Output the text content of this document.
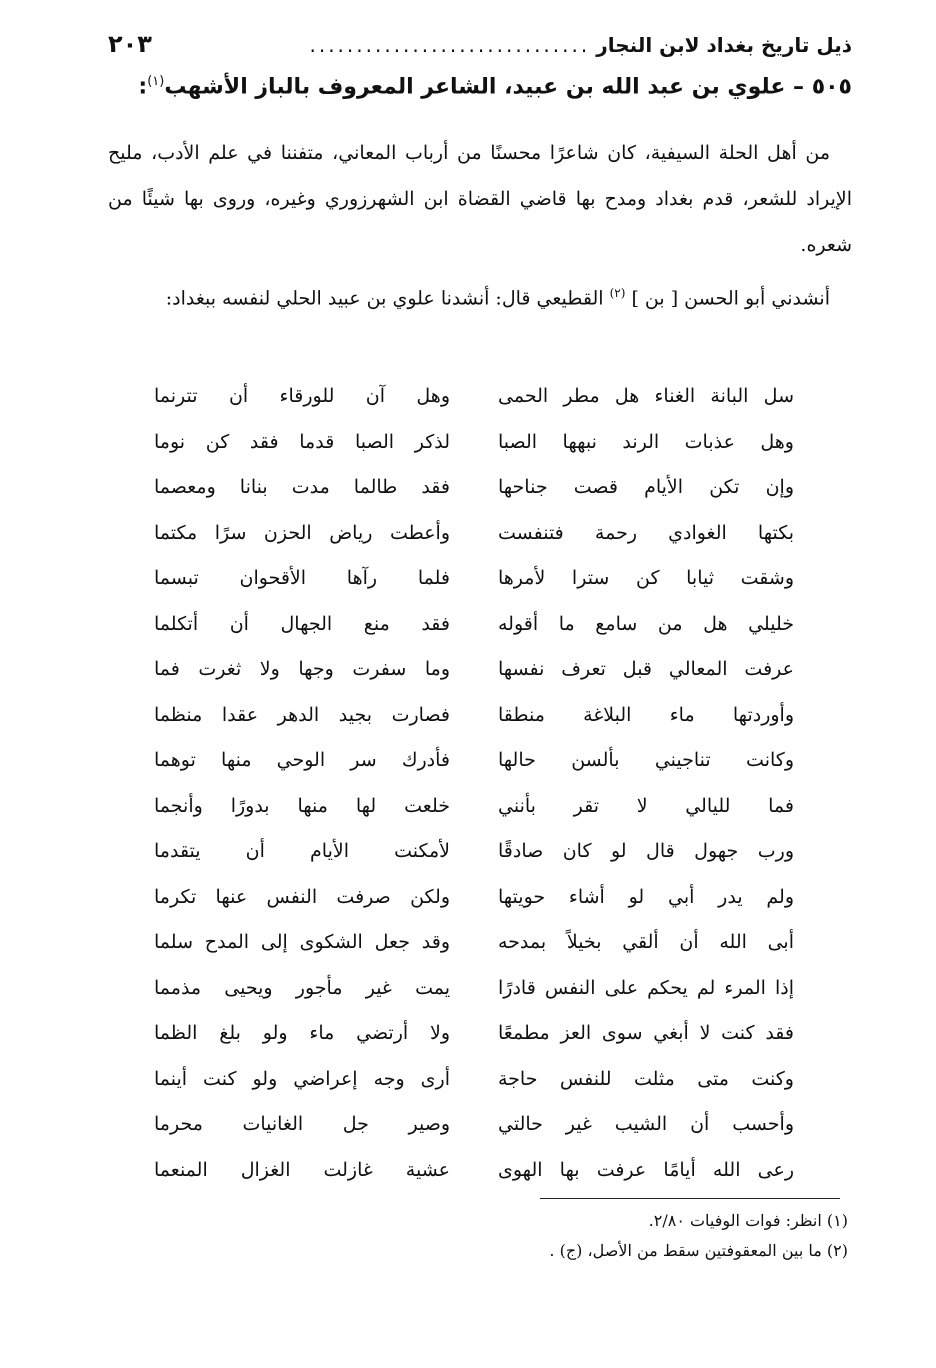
ذيل تاريخ بغداد لابن النجار
..............................
٢٠٣
٥٠٥ – علوي بن عبد الله بن عبيد، الشاعر المعروف بالباز الأشهب$^{(١)}$:
من أهل الحلة السيفية، كان شاعرًا محسنًا من أرباب المعاني، متفننا في علم الأدب، مليح الإيراد للشعر، قدم بغداد ومدح بها قاضي القضاة ابن الشهرزوري وغيره، وروى بها شيئًا من شعره.
أنشدني أبو الحسن [ بن ] $^{(٢)}$ القطيعي قال: أنشدنا علوي بن عبيد الحلي لنفسه ببغداد:
سل البانة الغناء هل مطر الحمى
وهل آن للورقاء أن تترنما
وهل عذبات الرند نبهها الصبا
لذكر الصبا قدما فقد كن نوما
وإن تكن الأيام قصت جناحها
فقد طالما مدت بنانا ومعصما
بكتها الغوادي رحمة فتنفست
وأعطت رياض الحزن سرًا مكتما
وشقت ثيابا كن سترا لأمرها
فلما رآها الأقحوان تبسما
خليلي هل من سامع ما أقوله
فقد منع الجهال أن أتكلما
عرفت المعالي قبل تعرف نفسها
وما سفرت وجها ولا ثغرت فما
وأوردتها ماء البلاغة منطقا
فصارت بجيد الدهر عقدا منظما
وكانت تناجيني بألسن حالها
فأدرك سر الوحي منها توهما
فما لليالي لا تقر بأنني
خلعت لها منها بدورًا وأنجما
ورب جهول قال لو كان صادقًا
لأمكنت الأيام أن يتقدما
ولم يدر أبي لو أشاء حويتها
ولكن صرفت النفس عنها تكرما
أبى الله أن ألقي بخيلاً بمدحه
وقد جعل الشكوى إلى المدح سلما
إذا المرء لم يحكم على النفس قادرًا
يمت غير مأجور ويحيى مذمما
فقد كنت لا أبغي سوى العز مطمعًا
ولا أرتضي ماء ولو بلغ الظما
وكنت متى مثلت للنفس حاجة
أرى وجه إعراضي ولو كنت أينما
وأحسب أن الشيب غير حالتي
وصير جل الغانيات محرما
رعى الله أيامًا عرفت بها الهوى
عشية غازلت الغزال المنعما
(١) انظر: فوات الوفيات ٢/٨٠.
(٢) ما بين المعقوفتين سقط من الأصل، (ج) .
